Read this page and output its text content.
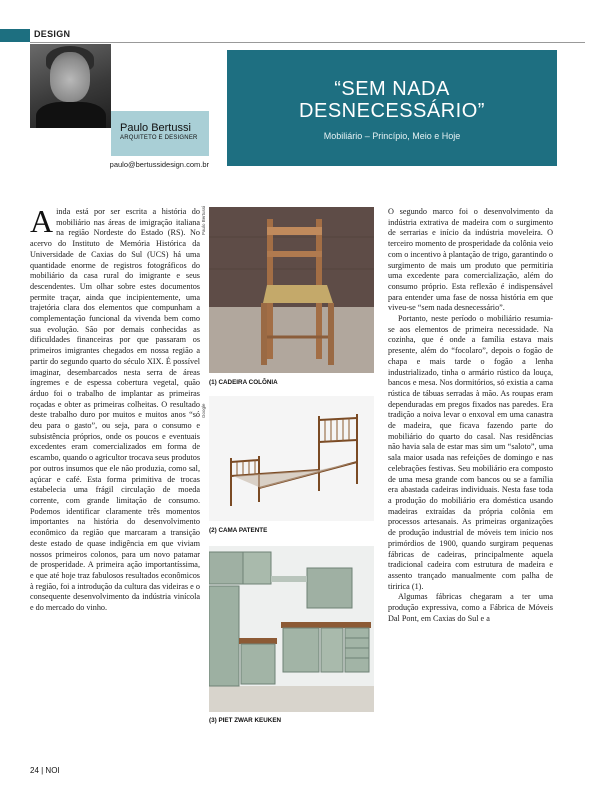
DESIGN
Paulo Bertussi
ARQUITETO E DESIGNER
paulo@bertussidesign.com.br
“SEM NADA
DESNECESSÁRIO”
Mobiliário – Princípio, Meio e Hoje
A inda está por ser escrita a história do mobiliário nas áreas de imigração italiana na região Nordeste do Estado (RS). No acervo do Instituto de Memória Histórica da Universidade de Caxias do Sul (UCS) há uma quantidade enorme de registros fotográficos do mobiliário da casa rural do imigrante e seus descendentes. Um olhar sobre estes documentos permite traçar, ainda que incipientemente, uma trajetória clara dos elementos que compunham a complementação funcional da vivenda bem como sua evolução. São por demais conhecidas as dificuldades financeiras por que passaram os primeiros imigrantes chegados em nossa região a partir do segundo quarto do século XIX. É possível imaginar, desembarcados nesta serra de áreas íngremes e de espessa cobertura vegetal, quão árduo foi o trabalho de implantar as primeiras roçadas e obter as primeiras colheitas. O resultado deste trabalho duro por muitos e muitos anos “só deu para o gasto”, ou seja, para o consumo e subsistência próprios, onde os poucos e eventuais excedentes eram comercializados em forma de escambo, quando o agricultor trocava seus produtos por outros insumos que ele não produzia, como sal, açúcar e café. Esta forma primitiva de trocas estabelecia uma frágil circulação de moeda corrente, com grande limitação de consumo. Podemos identificar claramente três momentos importantes na história do desenvolvimento econômico da região que marcaram a transição deste estado de quase indigência em que viviam nossos primeiros colonos, para um novo patamar de prosperidade. A primeira ação importantíssima, e que até hoje traz fabulosos resultados econômicos à região, foi a introdução da cultura das videiras e o consequente desenvolvimento da indústria vinícola e do mercado do vinho.

Paulo Bertussi
(1) CADEIRA COLÔNIA
Google
(2) CAMA PATENTE
(3) PIET ZWAR KEUKEN

O segundo marco foi o desenvolvimento da indústria extrativa de madeira com o surgimento de serrarias e início da indústria moveleira. O terceiro momento de prosperidade da colônia veio com o incentivo à plantação de trigo, garantindo o surgimento de mais um produto que permitiria uma excedente para comercialização, além do consumo próprio. Esta reflexão é indispensável para entender uma fase de nossa história em que viveu-se “sem nada desnecessário”.

Portanto, neste período o mobiliário resumia-se aos elementos de primeira necessidade. Na cozinha, que é onde a família estava mais presente, além do “focolaro”, depois o fogão de chapa e mais tarde o fogão a lenha industrializado, tinha o armário rústico da louça, bancos e mesa. Nos dormitórios, só existia a cama rústica de tábuas serradas à mão. As roupas eram dependuradas em pregos fixados nas paredes. Era tradição a noiva levar o enxoval em uma canastra de madeira, que ficava fazendo parte do mobiliário do quarto do casal. Nas residências não havia sala de estar mas sim um “saloto”, uma sala maior usada nas refeições de domingo e nas celebrações festivas. Seu mobiliário era composto de uma mesa grande com bancos ou se a família era abastada cadeiras individuais. Nesta fase toda a produção do mobiliário era doméstica usando madeiras extraídas da própria colônia em processos artesanais. As primeiras organizações de produção industrial de móveis tem início nos primórdios de 1900, quando surgiram pequenas fábricas de cadeiras, principalmente aquela tradicional cadeira com estrutura de madeira e assento trançado manualmente com palha de tiririca (1).

Algumas fábricas chegaram a ter uma produção expressiva, como a Fábrica de Móveis Dal Pont, em Caxias do Sul e a

24 | NOI
